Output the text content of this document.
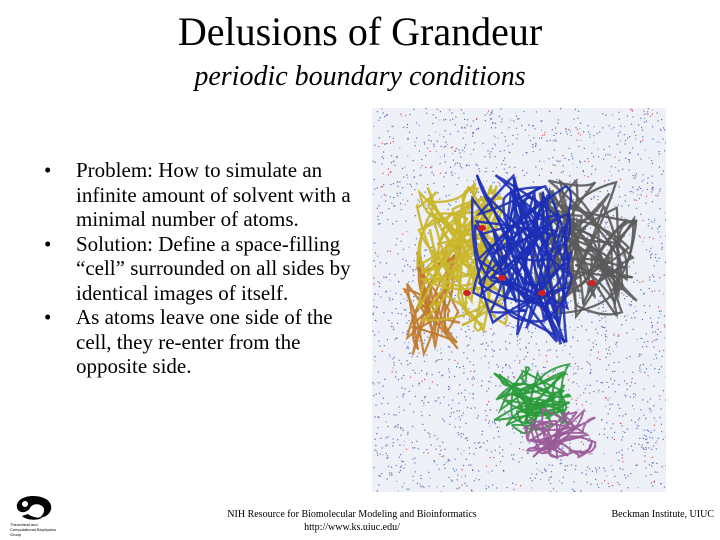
Delusions of Grandeur
periodic boundary conditions
• Problem: How to simulate an infinite amount of solvent with a minimal number of atoms.
• Solution: Define a space-filling “cell” surrounded on all sides by identical images of itself.
• As atoms leave one side of the cell, they re-enter from the opposite side.
Theoretical and Computational Biophysics Group
NIH Resource for Biomolecular Modeling and Bioinformatics
http://www.ks.uiuc.edu/
Beckman Institute, UIUC
